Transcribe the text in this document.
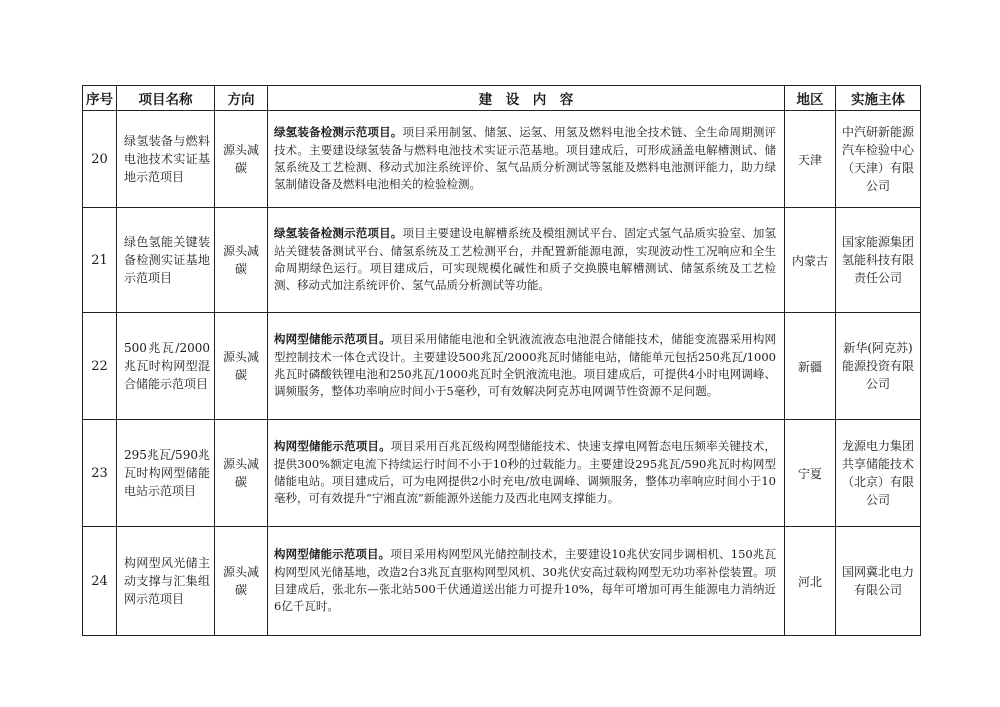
序号	项目名称	方向	建　设　内　容	地区	实施主体
20	绿氢装备与燃料电池技术实证基地示范项目	源头减碳	绿氢装备检测示范项目。项目采用制氢、储氢、运氢、用氢及燃料电池全技术链、全生命周期测评技术。主要建设绿氢装备与燃料电池技术实证示范基地。项目建成后，可形成涵盖电解槽测试、储氢系统及工艺检测、移动式加注系统评价、氢气品质分析测试等氢能及燃料电池测评能力，助力绿氢制储设备及燃料电池相关的检验检测。	天津	中汽研新能源汽车检验中心（天津）有限公司
21	绿色氢能关键装备检测实证基地示范项目	源头减碳	绿氢装备检测示范项目。项目主要建设电解槽系统及模组测试平台、固定式氢气品质实验室、加氢站关键装备测试平台、储氢系统及工艺检测平台，并配置新能源电源，实现波动性工况响应和全生命周期绿色运行。项目建成后，可实现规模化碱性和质子交换膜电解槽测试、储氢系统及工艺检测、移动式加注系统评价、氢气品质分析测试等功能。	内蒙古	国家能源集团氢能科技有限责任公司
22	500兆瓦/2000兆瓦时构网型混合储能示范项目	源头减碳	构网型储能示范项目。项目采用储能电池和全钒液流液态电池混合储能技术，储能变流器采用构网型控制技术一体仓式设计。主要建设500兆瓦/2000兆瓦时储能电站，储能单元包括250兆瓦/1000兆瓦时磷酸铁锂电池和250兆瓦/1000兆瓦时全钒液流电池。项目建成后，可提供4小时电网调峰、调频服务，整体功率响应时间小于5毫秒，可有效解决阿克苏电网调节性资源不足问题。	新疆	新华(阿克苏)能源投资有限公司
23	295兆瓦/590兆瓦时构网型储能电站示范项目	源头减碳	构网型储能示范项目。项目采用百兆瓦级构网型储能技术、快速支撑电网暂态电压频率关键技术，提供300%额定电流下持续运行时间不小于10秒的过载能力。主要建设295兆瓦/590兆瓦时构网型储能电站。项目建成后，可为电网提供2小时充电/放电调峰、调频服务，整体功率响应时间小于10毫秒，可有效提升“宁湘直流”新能源外送能力及西北电网支撑能力。	宁夏	龙源电力集团共享储能技术（北京）有限公司
24	构网型风光储主动支撑与汇集组网示范项目	源头减碳	构网型储能示范项目。项目采用构网型风光储控制技术，主要建设10兆伏安同步调相机、150兆瓦构网型风光储基地，改造2台3兆瓦直驱构网型风机、30兆伏安高过载构网型无功功率补偿装置。项目建成后，张北东—张北站500千伏通道送出能力可提升10%，每年可增加可再生能源电力消纳近6亿千瓦时。	河北	国网冀北电力有限公司
